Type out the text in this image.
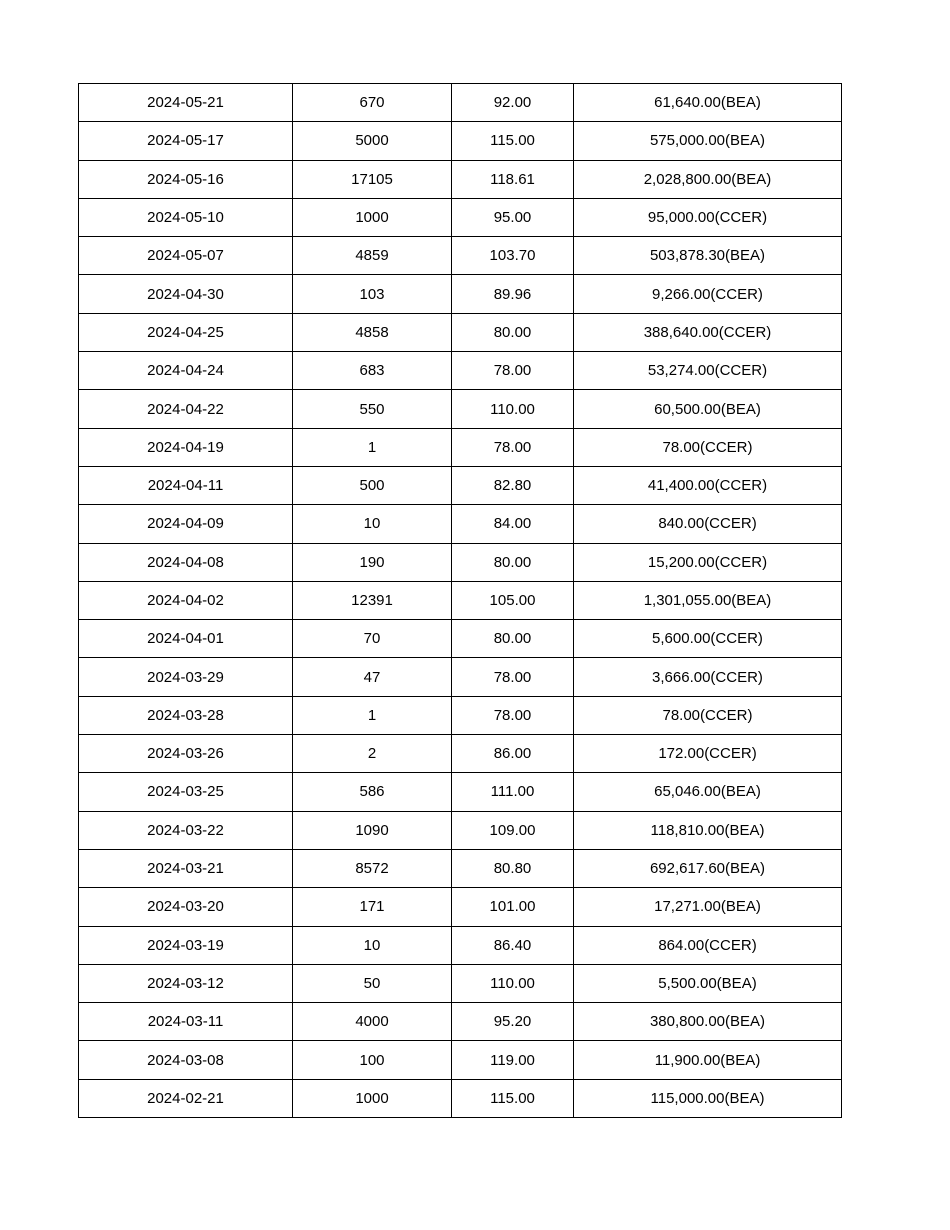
2024-05-21	670	92.00	61,640.00(BEA)
2024-05-17	5000	115.00	575,000.00(BEA)
2024-05-16	17105	118.61	2,028,800.00(BEA)
2024-05-10	1000	95.00	95,000.00(CCER)
2024-05-07	4859	103.70	503,878.30(BEA)
2024-04-30	103	89.96	9,266.00(CCER)
2024-04-25	4858	80.00	388,640.00(CCER)
2024-04-24	683	78.00	53,274.00(CCER)
2024-04-22	550	110.00	60,500.00(BEA)
2024-04-19	1	78.00	78.00(CCER)
2024-04-11	500	82.80	41,400.00(CCER)
2024-04-09	10	84.00	840.00(CCER)
2024-04-08	190	80.00	15,200.00(CCER)
2024-04-02	12391	105.00	1,301,055.00(BEA)
2024-04-01	70	80.00	5,600.00(CCER)
2024-03-29	47	78.00	3,666.00(CCER)
2024-03-28	1	78.00	78.00(CCER)
2024-03-26	2	86.00	172.00(CCER)
2024-03-25	586	111.00	65,046.00(BEA)
2024-03-22	1090	109.00	118,810.00(BEA)
2024-03-21	8572	80.80	692,617.60(BEA)
2024-03-20	171	101.00	17,271.00(BEA)
2024-03-19	10	86.40	864.00(CCER)
2024-03-12	50	110.00	5,500.00(BEA)
2024-03-11	4000	95.20	380,800.00(BEA)
2024-03-08	100	119.00	11,900.00(BEA)
2024-02-21	1000	115.00	115,000.00(BEA)
